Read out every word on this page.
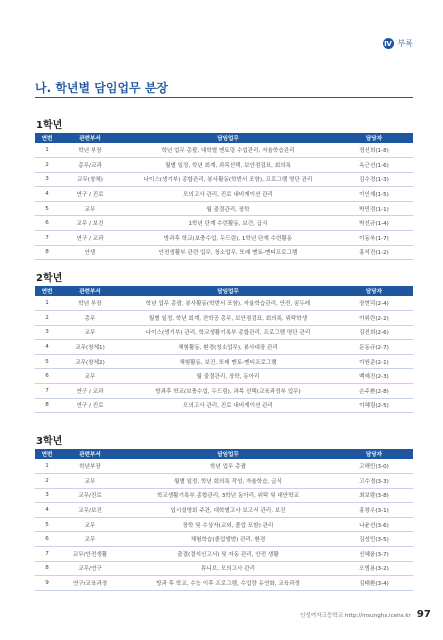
Ⅳ 부록
나. 학년별 담임업무 분장
1학년
연번	관련부서	담임업무	담당자
1	학년 부장	학년 업무 총괄, 대학별 멘토링 수업관리, 자율학습관리	정신희(1-8)
2	총무/교과	월별 일정, 학년 회계, 과목선택, 보안점검표, 회의록	옥근선(1-6)
3	교무(창체)	나이스(생기부) 종합관리, 봉사활동(학번서 포함), 프로그램 명단 관리	김수정(1-3)
4	연구 / 진로	모의고사 관리, 진로 내비게이션 관리	이인재(1-5)
5	교무	월 출결관리, 장학	박민정(1-1)
6	교무 / 보건	1학년 단계 수련활동, 보건, 급식	박선규(1-4)
7	연구 / 교과	방과후 학교(보충수업, 두드림), 1학년 단계 수련활동	이동욱(1-7)
8	안생	안전생활부 관련 업무, 청소업무, 또래 멘토-멘티프로그램	홍석진(1-2)
2학년
연번	관련부서	담임업무	담당자
1	학년 부장	학년 업무 총괄, 봉사활동(학번서 포함), 자율학습관리, 안전, 꿈두레	장현덕(2-4)
2	총무	월별 일정, 학년 회계, 전학공 총무, 보안점검표, 회의록, 위탁학생	이위란(2-2)
3	교무	나이스(생기부) 관리, 학교생활기록부 종합관리, 프로그램 명단 관리	김진희(2-6)
4	교무(창체1)	체험활동, 환경(청소업무), 봉사대장 관리	문동규(2-7)
5	교무(창체2)	체험활동, 보건, 또래 멘토-멘티프로그램	이원준(2-1)
6	교무	월 출결관리, 장학, 동아리	백예진(2-3)
7	연구 / 교과	방과후 학교(보충수업, 두드림), 과목 선택(교육과정부 업무)	손주환(2-8)
8	연구 / 진로	모의고사 관리, 진로 내비게이션 관리	이혜림(2-5)
3학년
연번	관련부서	담임업무	담당자
1	학년부장	학년 업무 총괄	고해민(3-0)
2	교무	월별 일정, 학년 회의록 작성, 자율학습, 급식	고수경(3-3)
3	교무/진로	학교생활기록부 종합관리, 3학년 동아리, 위탁 및 대안학교	최보람(3-8)
4	교무/보건	입시설명회 주관, 대학별고사 보고서 관리, 보건	홍창우(3-1)
5	교무	장학 및 수상자(교외, 졸업 포함) 관리	나윤선(3-6)
6	교무	체험학습(졸업앨범) 관리, 환경	김성민(3-5)
7	교무/안전생활	출결(결석신고서) 및 자동 관리, 안전 생활	신혜윤(3-7)
8	교무/연구	튜니브, 모의고사 관리	오범용(3-2)
9	연구/교육과정	방과 후 학교, 수능 이후 프로그램, 수업량 유연화, 교육과정	김태환(3-4)
인성여자고등학교 http://insunghs.icehs.kr 97
